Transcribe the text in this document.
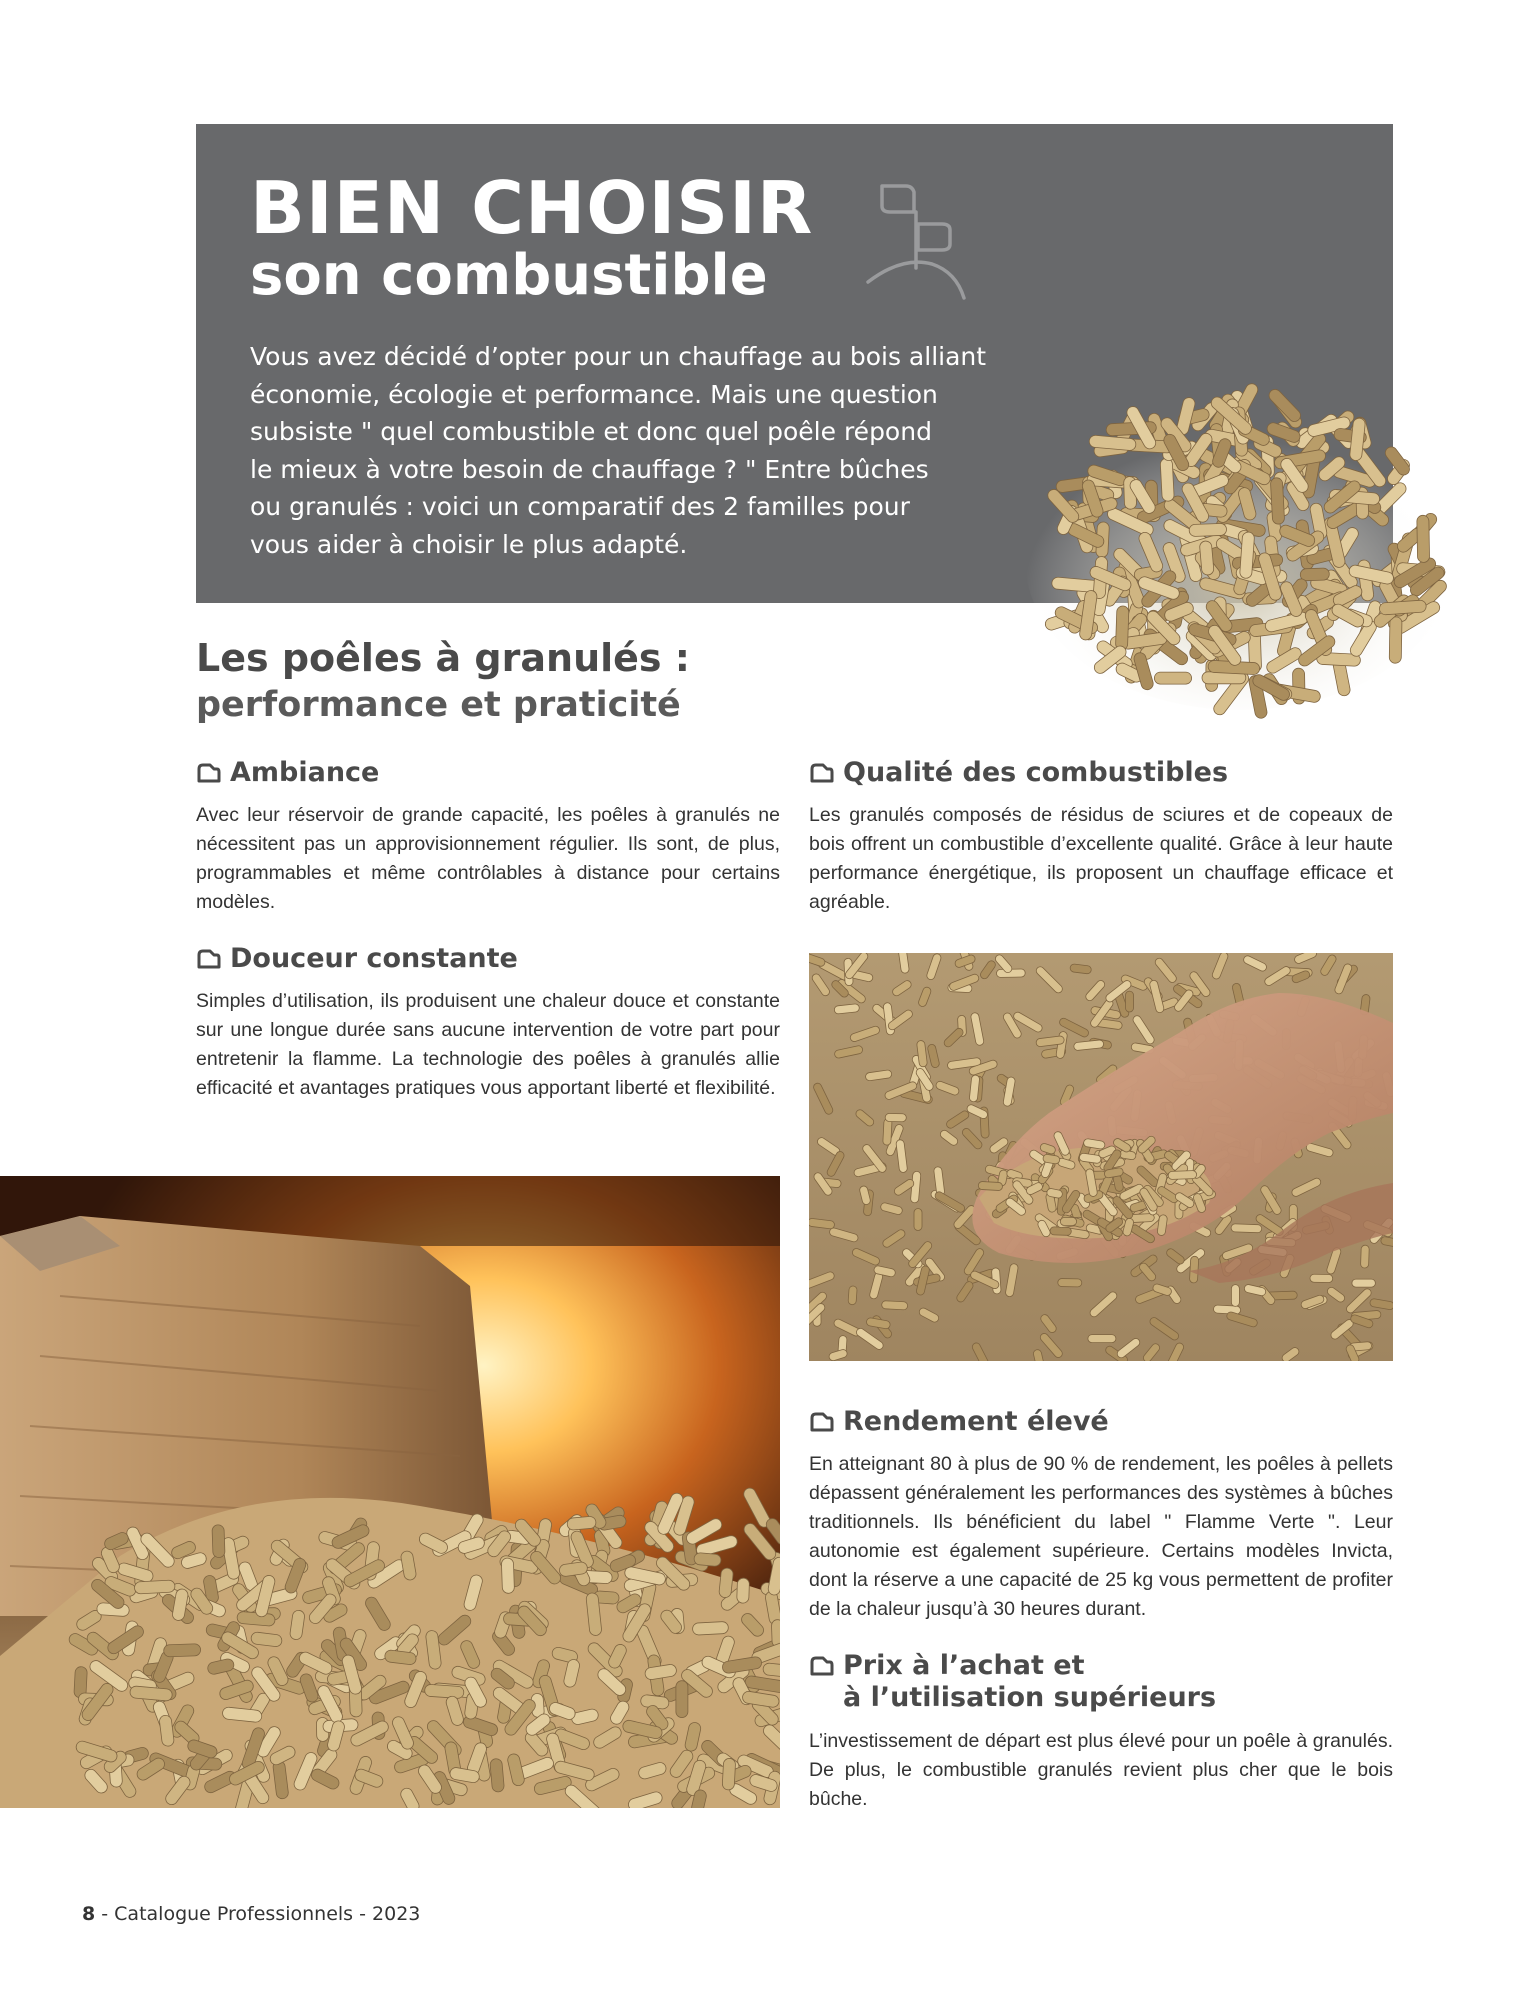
BIEN CHOISIR
son combustible
Vous avez décidé d’opter pour un chauffage au bois alliant
économie, écologie et performance. Mais une question
subsiste " quel combustible et donc quel poêle répond
le mieux à votre besoin de chauffage ? " Entre bûches
ou granulés : voici un comparatif des 2 familles pour
vous aider à choisir le plus adapté.
Les poêles à granulés :
performance et praticité
Ambiance

Avec leur réservoir de grande capacité, les poêles à granulés ne nécessitent pas un approvisionnement régulier. Ils sont, de plus, programmables et même contrôlables à distance pour certains modèles.

Douceur constante

Simples d’utilisation, ils produisent une chaleur douce et constante sur une longue durée sans aucune intervention de votre part pour entretenir la flamme. La technologie des poêles à granulés allie efficacité et avantages pratiques vous apportant liberté et flexibilité.

Qualité des combustibles

Les granulés composés de résidus de sciures et de copeaux de bois offrent un combustible d’excellente qualité. Grâce à leur haute performance énergétique, ils proposent un chauffage efficace et agréable.

Rendement élevé

En atteignant 80 à plus de 90 % de rendement, les poêles à pellets dépassent généralement les performances des systèmes à bûches traditionnels. Ils bénéficient du label " Flamme Verte ". Leur autonomie est également supérieure. Certains modèles Invicta, dont la réserve a une capacité de 25 kg vous permettent de profiter de la chaleur jusqu’à 30 heures durant.

Prix à l’achat et
à l’utilisation supérieurs

L’investissement de départ est plus élevé pour un poêle à granulés. De plus, le combustible granulés revient plus cher que le bois bûche.

8 - Catalogue Professionnels - 2023
